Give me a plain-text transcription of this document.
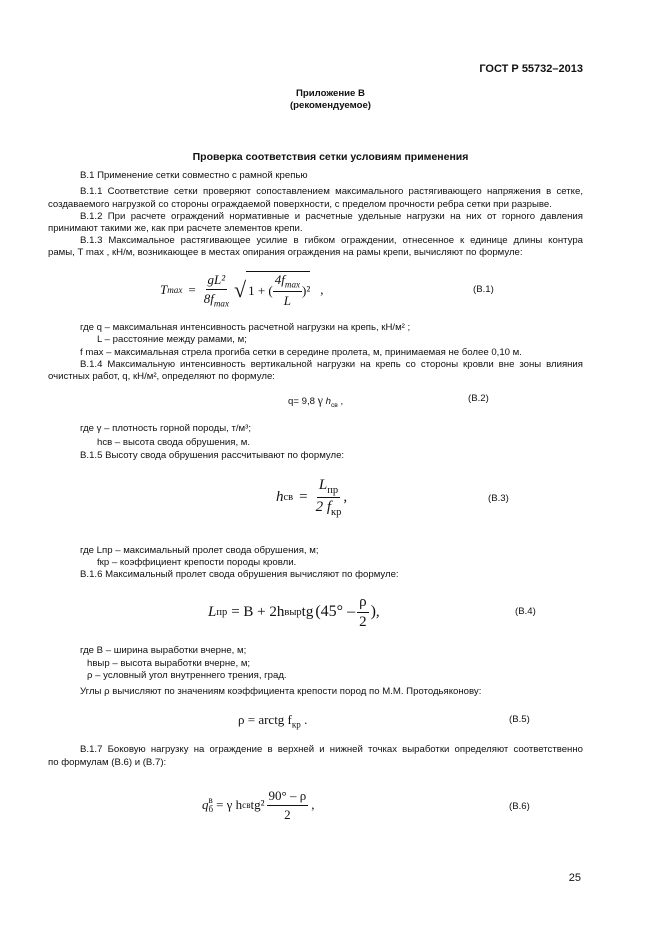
ГОСТ Р 55732–2013
Приложение В
(рекомендуемое)
Проверка соответствия сетки условиям применения
В.1 Применение сетки совместно с рамной крепью
В.1.1 Соответствие сетки проверяют сопоставлением максимального растягивающего напряжения в сетке,
создаваемого нагрузкой со стороны ограждаемой поверхности, с пределом прочности ребра сетки при разрыве.
В.1.2 При расчете ограждений нормативные и расчетные удельные нагрузки на них от горного давления
принимают такими же, как при расчете элементов крепи.
В.1.3 Максимальное растягивающее усилие в гибком ограждении, отнесенное к единице длины контура
рамы, T max , кН/м, возникающее в местах опирания ограждения на рамы крепи, вычисляют по формуле:
T $\max = \frac{\text{gL²}}{8f_{max}}$ √ 1 + ( $\frac{4f_{max}}{L} )^2$ ,	(В.1)
где q – максимальная интенсивность расчетной нагрузки на крепь, кН/м² ;
L – расстояние между рамами, м;
f max – максимальная стрела прогиба сетки в середине пролета, м, принимаемая не более 0,10 м.
В.1.4 Максимальную интенсивность вертикальной нагрузки на крепь со стороны кровли вне зоны влияния
очистных работ, q, кН/м², определяют по формуле:
q= 9,8 γ $h_{св}$ ,	(В.2)
где γ – плотность горной породы, т/м³;
hсв – высота свода обрушения, м.
В.1.5 Высоту свода обрушения рассчитывают по формуле:
h св = $\frac{L_{пр}}{2 f_{кр}}$ ,	(В.3)
где Lпр – максимальный пролет свода обрушения, м;
fкр – коэффициент крепости породы кровли.
В.1.6 Максимальный пролет свода обрушения вычисляют по формуле:
L пр = B + 2h выр tg ($45^\circ - \frac{\rho}{2}$ ) ,	(В.4)
где B – ширина выработки вчерне, м;
hвыр – высота выработки вчерне, м;
ρ – условный угол внутреннего трения, град.
Углы ρ вычисляют по значениям коэффициента крепости пород по М.М. Протодьяконову:
ρ = arctg $f_{кр}$ .	(В.5)
В.1.7 Боковую нагрузку на ограждение в верхней и нижней точках выработки определяют соответственно
по формулам (В.6) и (В.7):
q в
б = γ h св $tg^2 \frac{90^\circ - \rho}{2}$ ,	(В.6)
25
